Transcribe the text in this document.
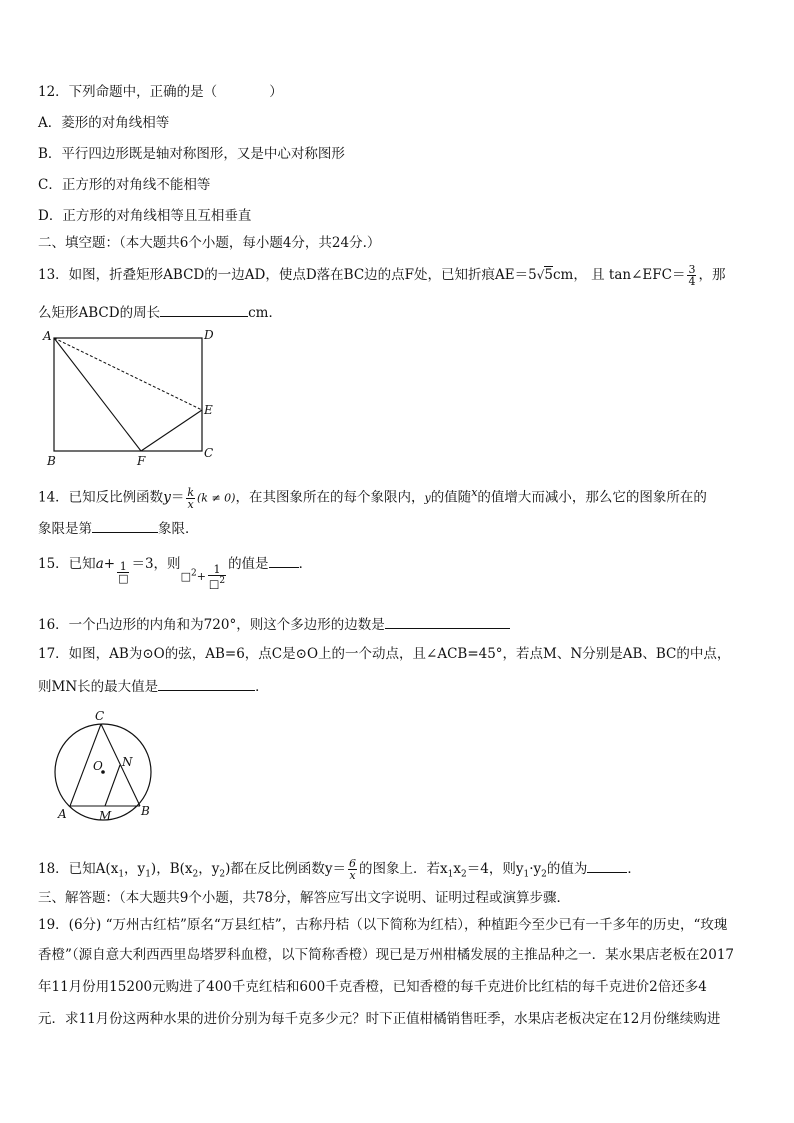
12．下列命题中，正确的是（	）
A．菱形的对角线相等
B．平行四边形既是轴对称图形，又是中心对称图形
C．正方形的对角线不能相等
D．正方形的对角线相等且互相垂直
二、填空题：（本大题共6个小题，每小题4分，共24分.）
13．如图，折叠矩形ABCD的一边AD，使点D落在BC边的点F处，已知折痕AE＝5√5cm， 且 tan∠EFC＝ $\frac{3}{4}$ ，那
么矩形ABCD的周长	cm．
A	D
E
C
B	F
14．已知反比例函数$y= \frac{k}{x} (k \ne 0)$，在其图象所在的每个象限内，y的值随$^x$的值增大而减小，那么它的图象所在的
象限是第	象限．
15．已知$a+ \frac{1}{□} =3$，则$_{□^2+ \frac{1}{□^2}}$
的值是 ．
16．一个凸边形的内角和为720°，则这个多边形的边数是
17．如图，AB为⊙O的弦，AB=6，点C是⊙O上的一个动点，且∠ACB=45°，若点M、N分别是AB、BC的中点，
则MN长的最大值是	．
C
O N
A	M B
18．已知$A(x_1$，$y_1$)，$B(x_2$，$y_2$)都在反比例函数$y= \frac{6}{x}$ 的图象上．若$x_1x_2=4$，则$y_1\cdot y_2$的值为	．
三、解答题：（本大题共9个小题，共78分，解答应写出文字说明、证明过程或演算步骤．
19．(6分) “万州古红桔”原名“万县红桔”，古称丹桔（以下简称为红桔），种植距今至少已有一千多年的历史，“玫瑰
香橙”（源自意大利西西里岛塔罗科血橙，以下简称香橙）现已是万州柑橘发展的主推品种之一．某水果店老板在2017
年11月份用15200元购进了400千克红桔和600千克香橙，已知香橙的每千克进价比红桔的每千克进价2倍还多4
元．求11月份这两种水果的进价分别为每千克多少元？时下正值柑橘销售旺季，水果店老板决定在12月份继续购进
